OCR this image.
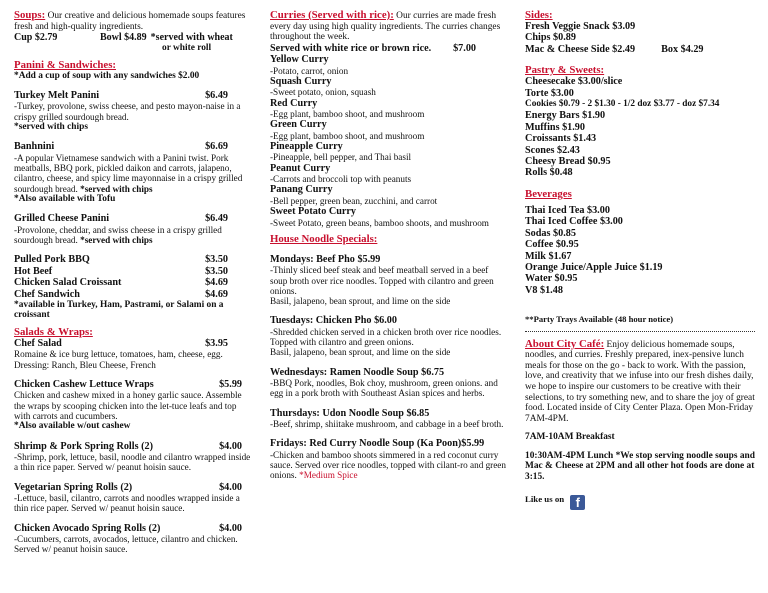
Soups: Our creative and delicious homemade soups features fresh and high-quality ingredients.
Cup $2.79	Bowl $4.89 *served with wheat
or white roll
Panini & Sandwiches:
*Add a cup of soup with any sandwiches $2.00
Turkey Melt Panini	$6.49
-Turkey, provolone, swiss cheese, and pesto mayon-naise in a crispy grilled sourdough bread.
*served with chips
Banhnini	$6.69
-A popular Vietnamese sandwich with a Panini twist. Pork meatballs, BBQ pork, pickled daikon and carrots, jalapeno, cilantro, cheese, and spicy lime mayonnaise in a crispy grilled sourdough bread. *served with chips
*Also available with Tofu
Grilled Cheese Panini	$6.49
-Provolone, cheddar, and swiss cheese in a crispy grilled sourdough bread. *served with chips
Pulled Pork BBQ	$3.50
Hot Beef	$3.50
Chicken Salad Croissant	$4.69
Chef Sandwich	$4.69
*available in Turkey, Ham, Pastrami, or Salami on a croissant
Salads & Wraps:
Chef Salad	$3.95
Romaine & ice burg lettuce, tomatoes, ham, cheese, egg. Dressing: Ranch, Bleu Cheese, French
Chicken Cashew Lettuce Wraps	$5.99
Chicken and cashew mixed in a honey garlic sauce. Assemble the wraps by scooping chicken into the let-tuce leafs and top with carrots and cucumbers.
*Also available w/out cashew
Shrimp & Pork Spring Rolls (2)	$4.00
-Shrimp, pork, lettuce, basil, noodle and cilantro wrapped inside a thin rice paper. Served w/ peanut hoisin sauce.
Vegetarian Spring Rolls (2)	$4.00
-Lettuce, basil, cilantro, carrots and noodles wrapped inside a thin rice paper. Served w/ peanut hoisin sauce.
Chicken Avocado Spring Rolls (2)	$4.00
-Cucumbers, carrots, avocados, lettuce, cilantro and chicken. Served w/ peanut hoisin sauce.
Curries (Served with rice): Our curries are made fresh every day using high quality ingredients. The curries changes throughout the week.
Served with white rice or brown rice. $7.00
Yellow Curry
-Potato, carrot, onion
Squash Curry
-Sweet potato, onion, squash
Red Curry
-Egg plant, bamboo shoot, and mushroom
Green Curry
-Egg plant, bamboo shoot, and mushroom
Pineapple Curry
-Pineapple, bell pepper, and Thai basil
Peanut Curry
-Carrots and broccoli top with peanuts
Panang Curry
-Bell pepper, green bean, zucchini, and carrot
Sweet Potato Curry
-Sweet Potato, green beans, bamboo shoots, and mushroom
House Noodle Specials:
Mondays: Beef Pho $5.99
-Thinly sliced beef steak and beef meatball served in a beef soup broth over rice noodles. Topped with cilantro and green onions.
Basil, jalapeno, bean sprout, and lime on the side
Tuesdays: Chicken Pho $6.00
-Shredded chicken served in a chicken broth over rice noodles. Topped with cilantro and green onions.
Basil, jalapeno, bean sprout, and lime on the side
Wednesdays: Ramen Noodle Soup $6.75
-BBQ Pork, noodles, Bok choy, mushroom, green onions. and egg in a pork broth with Southeast Asian spices and herbs.
Thursdays: Udon Noodle Soup $6.85
-Beef, shrimp, shiitake mushroom, and cabbage in a beef broth.
Fridays: Red Curry Noodle Soup (Ka Poon)$5.99
-Chicken and bamboo shoots simmered in a red coconut curry sauce. Served over rice noodles, topped with cilant-ro and green onions. *Medium Spice
Sides:
Fresh Veggie Snack $3.09
Chips $0.89
Mac & Cheese Side $2.49	Box $4.29
Pastry & Sweets:
Cheesecake $3.00/slice
Torte $3.00
Cookies $0.79 - 2 $1.30 - 1/2 doz $3.77 - doz $7.34
Energy Bars $1.90
Muffins $1.90
Croissants $1.43
Scones $2.43
Cheesy Bread $0.95
Rolls $0.48
Beverages
Thai Iced Tea $3.00
Thai Iced Coffee $3.00
Sodas $0.85
Coffee $0.95
Milk $1.67
Orange Juice/Apple Juice $1.19
Water $0.95
V8 $1.48
**Party Trays Available (48 hour notice)
About City Café: Enjoy delicious homemade soups, noodles, and curries. Freshly prepared, inex-pensive lunch meals for those on the go - back to work. With the passion, love, and creativity that we infuse into our fresh dishes daily, we hope to inspire our customers to be creative with their selections, to try something new, and to share the joy of great food. Located inside of City Center Plaza. Open Mon-Friday 7AM-4PM.
7AM-10AM Breakfast
10:30AM-4PM Lunch *We stop serving noodle soups and Mac & Cheese at 2PM and all other hot foods are done at 3:15.
Like us on f
